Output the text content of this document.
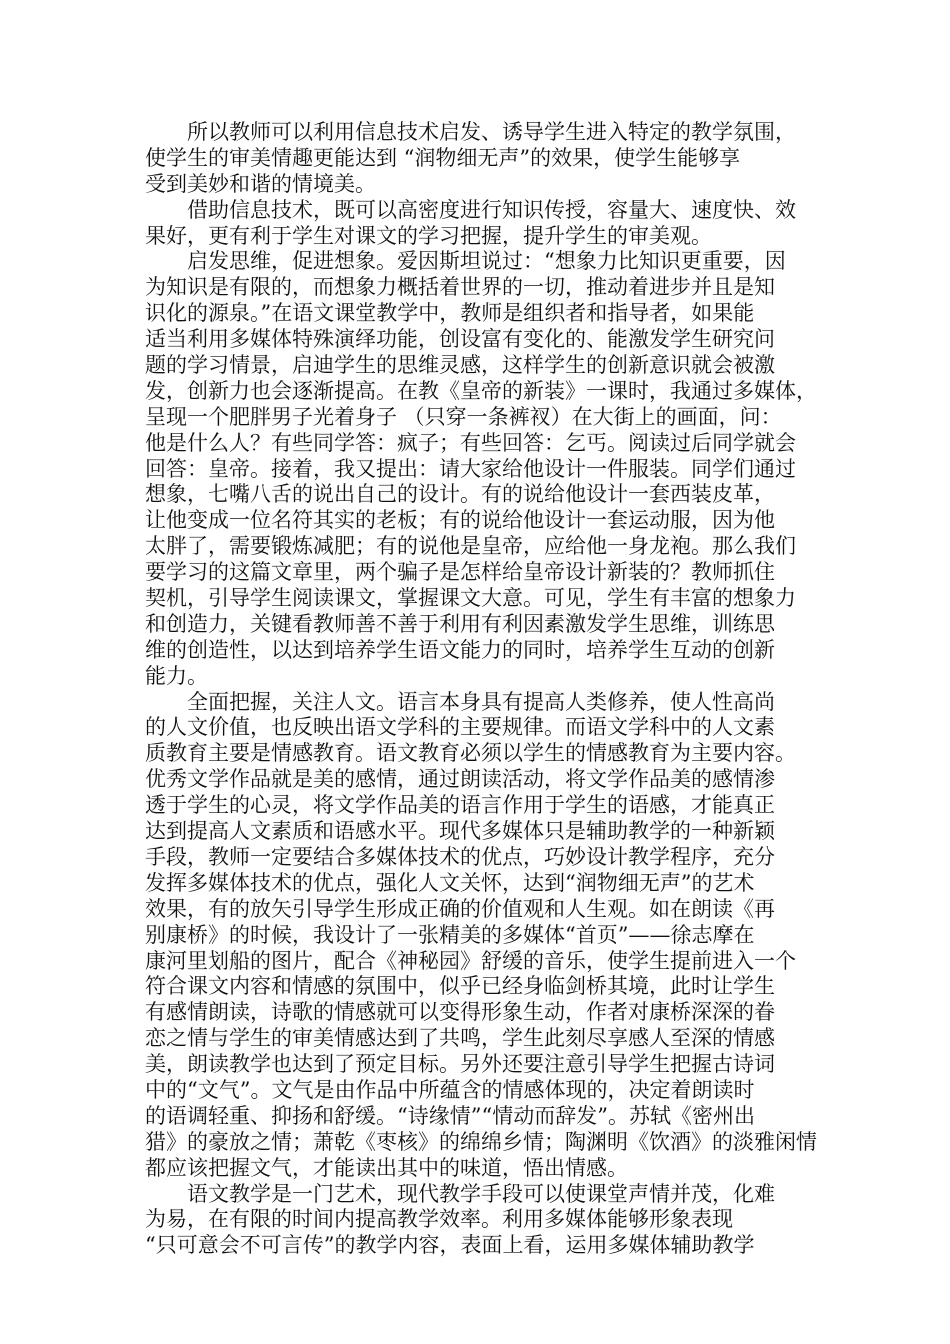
所以教师可以利用信息技术启发、诱导学生进入特定的教学氛围，
使学生的审美情趣更能达到 “润物细无声”的效果，使学生能够享
受到美妙和谐的情境美。
借助信息技术，既可以高密度进行知识传授，容量大、速度快、效
果好，更有利于学生对课文的学习把握，提升学生的审美观。
启发思维，促进想象。爱因斯坦说过：“想象力比知识更重要，因
为知识是有限的，而想象力概括着世界的一切，推动着进步并且是知
识化的源泉。”在语文课堂教学中，教师是组织者和指导者，如果能
适当利用多媒体特殊演绎功能，创设富有变化的、能激发学生研究问
题的学习情景，启迪学生的思维灵感，这样学生的创新意识就会被激
发，创新力也会逐渐提高。在教《皇帝的新装》一课时，我通过多媒体，
呈现一个肥胖男子光着身子 （只穿一条裤衩）在大街上的画面，问：
他是什么人？有些同学答：疯子；有些回答：乞丐。阅读过后同学就会
回答：皇帝。接着，我又提出：请大家给他设计一件服装。同学们通过
想象，七嘴八舌的说出自己的设计。有的说给他设计一套西装皮革，
让他变成一位名符其实的老板；有的说给他设计一套运动服，因为他
太胖了，需要锻炼减肥；有的说他是皇帝，应给他一身龙袍。那么我们
要学习的这篇文章里，两个骗子是怎样给皇帝设计新装的？教师抓住
契机，引导学生阅读课文，掌握课文大意。可见，学生有丰富的想象力
和创造力，关键看教师善不善于利用有利因素激发学生思维，训练思
维的创造性，以达到培养学生语文能力的同时，培养学生互动的创新
能力。
全面把握，关注人文。语言本身具有提高人类修养，使人性高尚
的人文价值，也反映出语文学科的主要规律。而语文学科中的人文素
质教育主要是情感教育。语文教育必须以学生的情感教育为主要内容。
优秀文学作品就是美的感情，通过朗读活动，将文学作品美的感情渗
透于学生的心灵，将文学作品美的语言作用于学生的语感，才能真正
达到提高人文素质和语感水平。现代多媒体只是辅助教学的一种新颖
手段，教师一定要结合多媒体技术的优点，巧妙设计教学程序，充分
发挥多媒体技术的优点，强化人文关怀，达到“润物细无声”的艺术
效果，有的放矢引导学生形成正确的价值观和人生观。如在朗读《再
别康桥》的时候，我设计了一张精美的多媒体“首页”——徐志摩在
康河里划船的图片，配合《神秘园》舒缓的音乐，使学生提前进入一个
符合课文内容和情感的氛围中，似乎已经身临剑桥其境，此时让学生
有感情朗读，诗歌的情感就可以变得形象生动，作者对康桥深深的眷
恋之情与学生的审美情感达到了共鸣，学生此刻尽享感人至深的情感
美，朗读教学也达到了预定目标。另外还要注意引导学生把握古诗词
中的“文气”。文气是由作品中所蕴含的情感体现的，决定着朗读时
的语调轻重、抑扬和舒缓。“诗缘情”“情动而辞发”。苏轼《密州出
猎》的豪放之情；萧乾《枣核》的绵绵乡情；陶渊明《饮酒》的淡雅闲情
都应该把握文气，才能读出其中的味道，悟出情感。
语文教学是一门艺术，现代教学手段可以使课堂声情并茂，化难
为易，在有限的时间内提高教学效率。利用多媒体能够形象表现
“只可意会不可言传”的教学内容，表面上看，运用多媒体辅助教学
